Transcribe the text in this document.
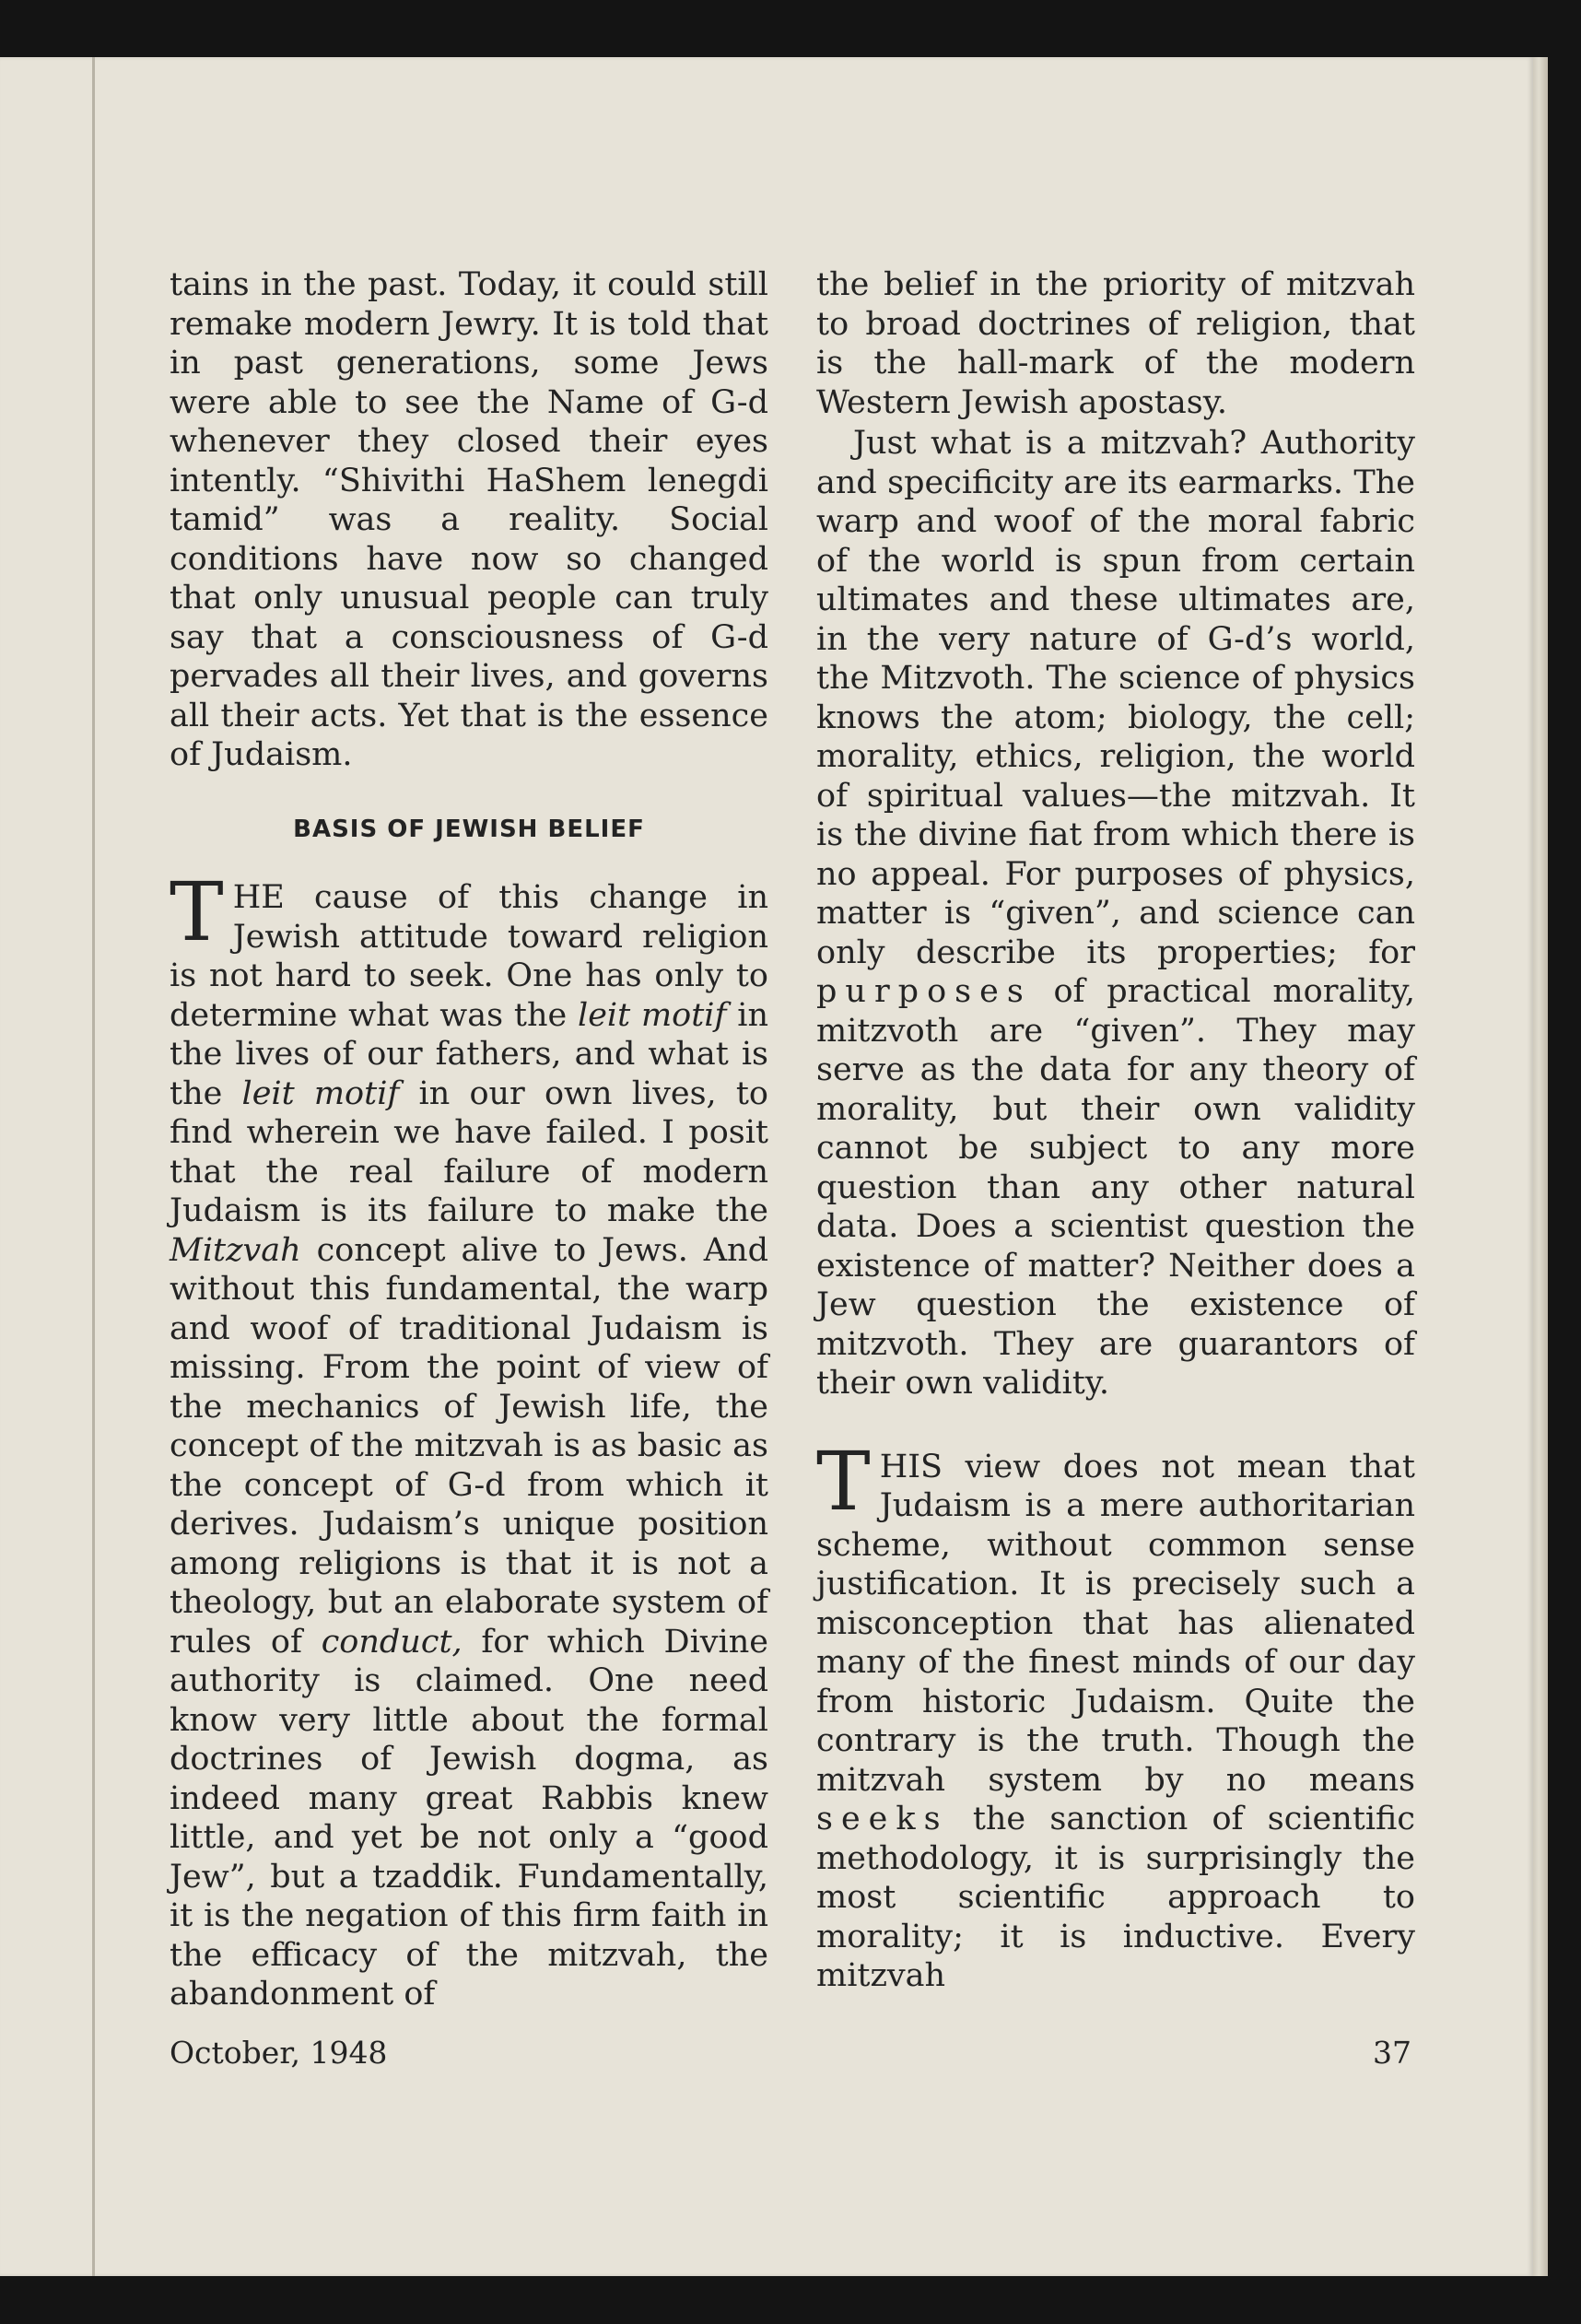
tains in the past. Today, it could still remake modern Jewry. It is told that in past generations, some Jews were able to see the Name of G-d whenever they closed their eyes intently. “Shivithi HaShem lenegdi tamid” was a reality. Social conditions have now so changed that only unusual people can truly say that a consciousness of G-d pervades all their lives, and governs all their acts. Yet that is the essence of Judaism.

BASIS OF JEWISH BELIEF

THE cause of this change in Jewish attitude toward religion is not hard to seek. One has only to determine what was the leit motif in the lives of our fathers, and what is the leit motif in our own lives, to find wherein we have failed. I posit that the real failure of modern Judaism is its failure to make the Mitzvah concept alive to Jews. And without this fundamental, the warp and woof of traditional Judaism is missing. From the point of view of the mechanics of Jewish life, the concept of the mitzvah is as basic as the concept of G-d from which it derives. Judaism’s unique position among religions is that it is not a theology, but an elaborate system of rules of conduct, for which Divine authority is claimed. One need know very little about the formal doctrines of Jewish dogma, as indeed many great Rabbis knew little, and yet be not only a “good Jew”, but a tzaddik. Fundamentally, it is the negation of this firm faith in the efficacy of the mitzvah, the abandonment of

the belief in the priority of mitzvah to broad doctrines of religion, that is the hall-mark of the modern Western Jewish apostasy.

Just what is a mitzvah? Authority and specificity are its earmarks. The warp and woof of the moral fabric of the world is spun from certain ultimates and these ultimates are, in the very nature of G-d’s world, the Mitzvoth. The science of physics knows the atom; biology, the cell; morality, ethics, religion, the world of spiritual values—the mitzvah. It is the divine fiat from which there is no appeal. For purposes of physics, matter is “given”, and science can only describe its properties; for purposes of practical morality, mitzvoth are “given”. They may serve as the data for any theory of morality, but their own validity cannot be subject to any more question than any other natural data. Does a scientist question the existence of matter? Neither does a Jew question the existence of mitzvoth. They are guarantors of their own validity.

THIS view does not mean that Judaism is a mere authoritarian scheme, without common sense justification. It is precisely such a misconception that has alienated many of the finest minds of our day from historic Judaism. Quite the contrary is the truth. Though the mitzvah system by no means seeks the sanction of scientific methodology, it is surprisingly the most scientific approach to morality; it is inductive. Every mitzvah

October, 1948	37
